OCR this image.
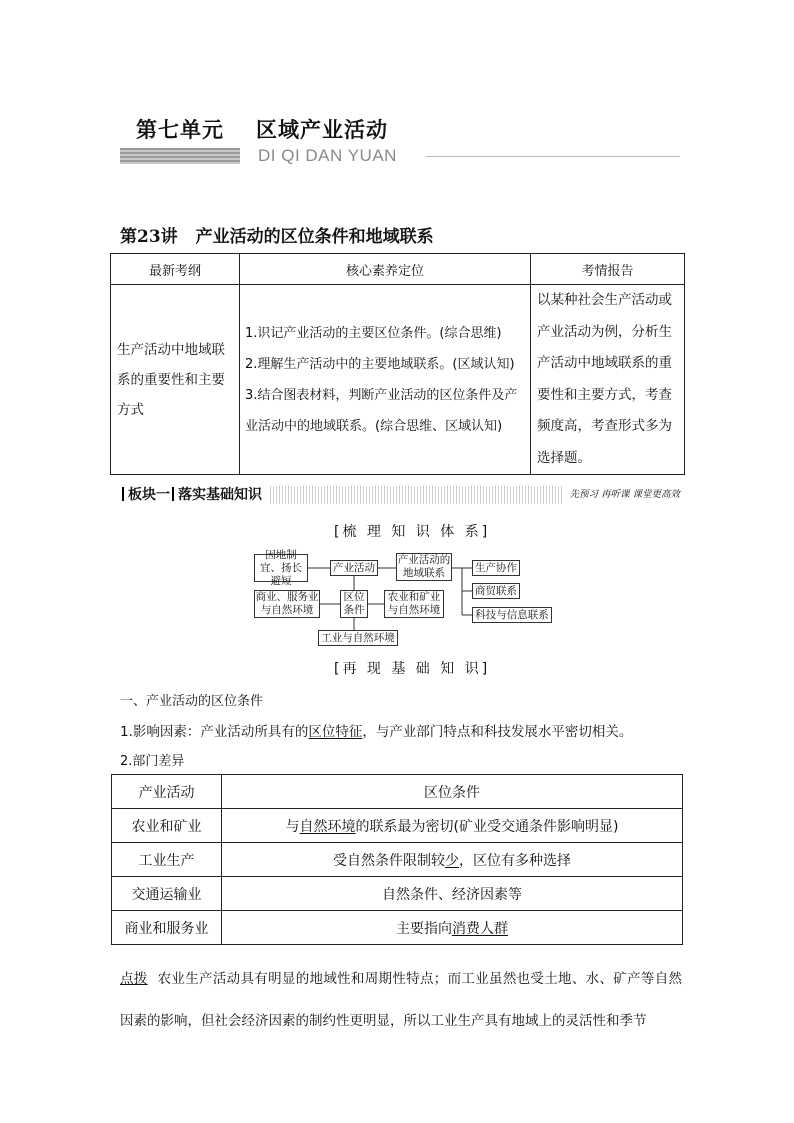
第七单元 区域产业活动
DI QI DAN YUAN
第23讲 产业活动的区位条件和地域联系
最新考纲	核心素养定位	考情报告
生产活动中地域联系的重要性和主要方式	1.识记产业活动的主要区位条件。(综合思维)
2.理解生产活动中的主要地域联系。(区域认知)
3.结合图表材料，判断产业活动的区位条件及产业活动中的地域联系。(综合思维、区域认知)	以某种社会生产活动或产业活动为例，分析生产活动中地域联系的重要性和主要方式，考查频度高，考查形式多为选择题。
板块一 落实基础知识	先预习 再听课 课堂更高效
[梳 理 知 识 体 系]
因地制宜、扬长避短
产业活动
产业活动的地域联系	生产协作
商贸联系
科技与信息联系
商业、服务业与自然环境
区位条件
农业和矿业与自然环境
工业与自然环境
[再 现 基 础 知 识]
一、产业活动的区位条件
1.影响因素：产业活动所具有的区位特征，与产业部门特点和科技发展水平密切相关。
2.部门差异
产业活动	区位条件
农业和矿业	与自然环境的联系最为密切(矿业受交通条件影响明显)
工业生产	受自然条件限制较少，区位有多种选择
交通运输业	自然条件、经济因素等
商业和服务业	主要指向消费人群
点拨 农业生产活动具有明显的地域性和周期性特点；而工业虽然也受土地、水、矿产等自然因素的影响，但社会经济因素的制约性更明显，所以工业生产具有地域上的灵活性和季节
